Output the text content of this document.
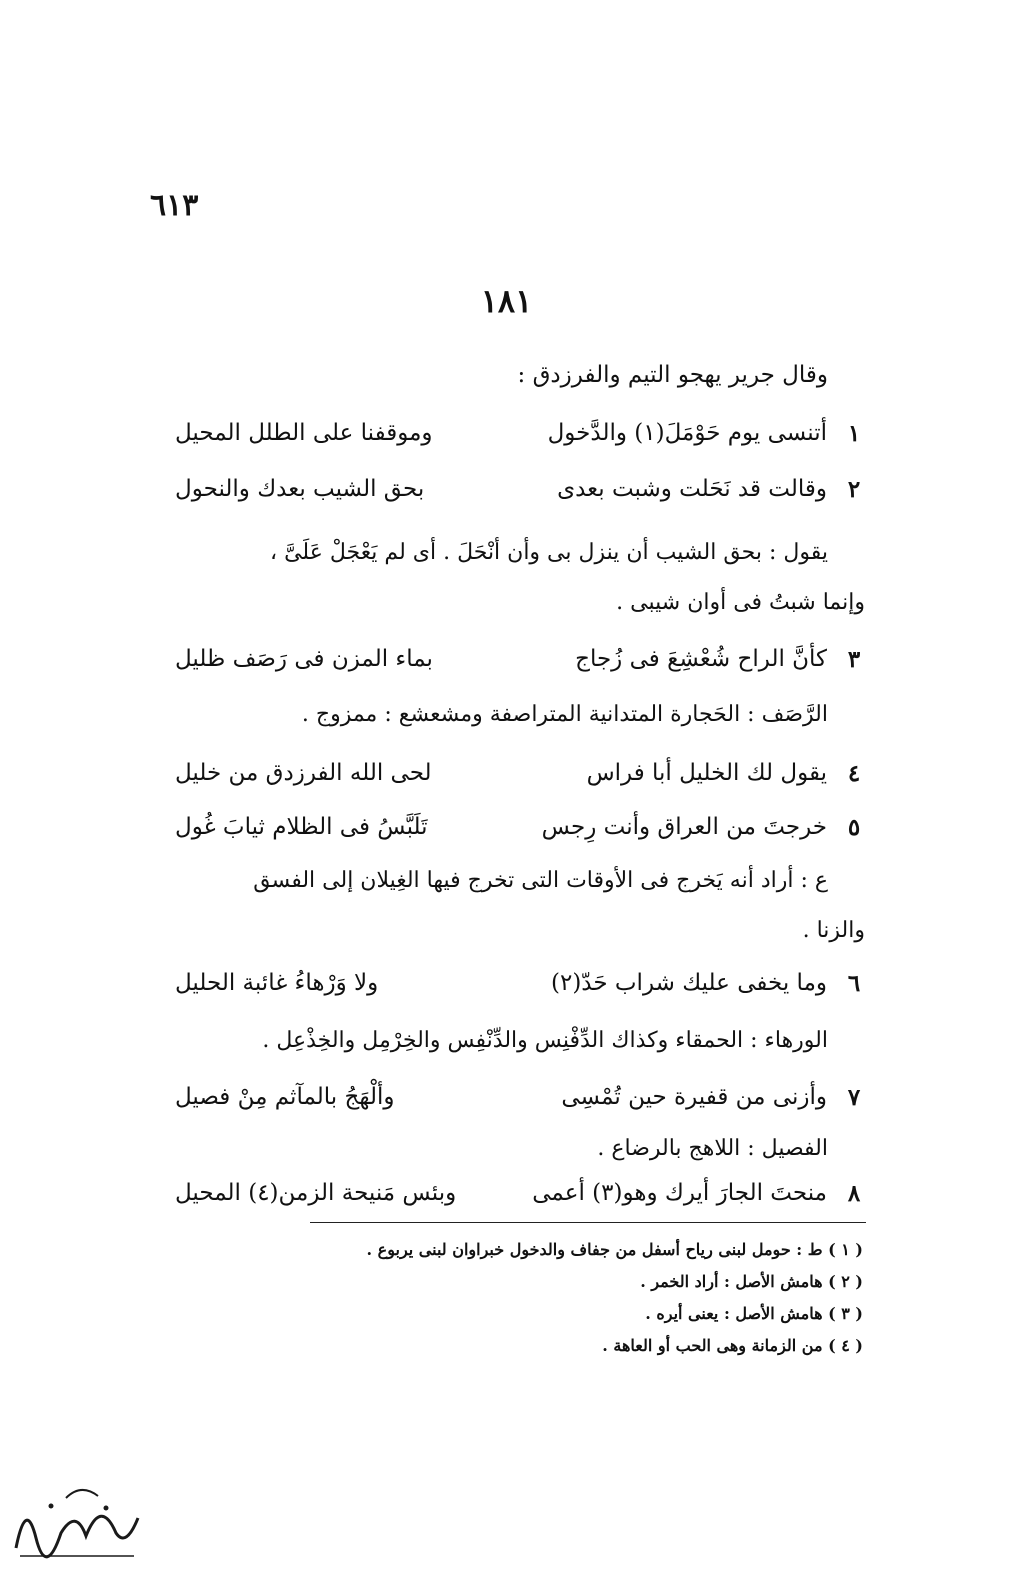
٦١٣
١٨١
وقال جرير يهجو التيم والفرزدق :
١
أتنسى يوم حَوْمَلَ(١) والدَّخول
وموقفنا على الطلل المحيل
٢
وقالت قد نَحَلت وشبت بعدى
بحق الشيب بعدك والنحول
يقول : بحق الشيب أن ينزل بى وأن أنْحَلَ . أى لم يَعْجَلْ عَلَىَّ ،
وإنما شبتُ فى أوان شيبى .
٣
كأنَّ الراح شُعْشِعَ فى زُجاج
بماء المزن فى رَصَف ظليل
الرَّصَف : الحَجارة المتدانية المتراصفة ومشعشع : ممزوج .
٤
يقول لك الخليل أبا فراس
لحى الله الفرزدق من خليل
٥
خرجتَ من العراق وأنت رِجس
تَلَبَّسُ فى الظلام ثيابَ غُول
ع : أراد أنه يَخرج فى الأوقات التى تخرج فيها الغِيلان إلى الفسق
والزنا .
٦
وما يخفى عليك شراب حَدّ(٢)
ولا وَرْهاءُ غائبة الحليل
الورهاء : الحمقاء وكذاك الدِّفْنِس والدِّنْفِس والخِرْمِل والخِذْعِل .
٧
وأزنى من قفيرة حين تُمْسِى
وألْهَجُ بالمآثم مِنْ فصيل
الفصيل : اللاهج بالرضاع .
٨
منحتَ الجارَ أيرك وهو(٣) أعمى
وبئس مَنيحة الزمن(٤) المحيل
( ١ ) ط : حومل لبنى رياح أسفل من جفاف والدخول خبراوان لبنى يربوع .
( ٢ ) هامش الأصل : أراد الخمر .
( ٣ ) هامش الأصل : يعنى أيره .
( ٤ ) من الزمانة وهى الحب أو العاهة .
